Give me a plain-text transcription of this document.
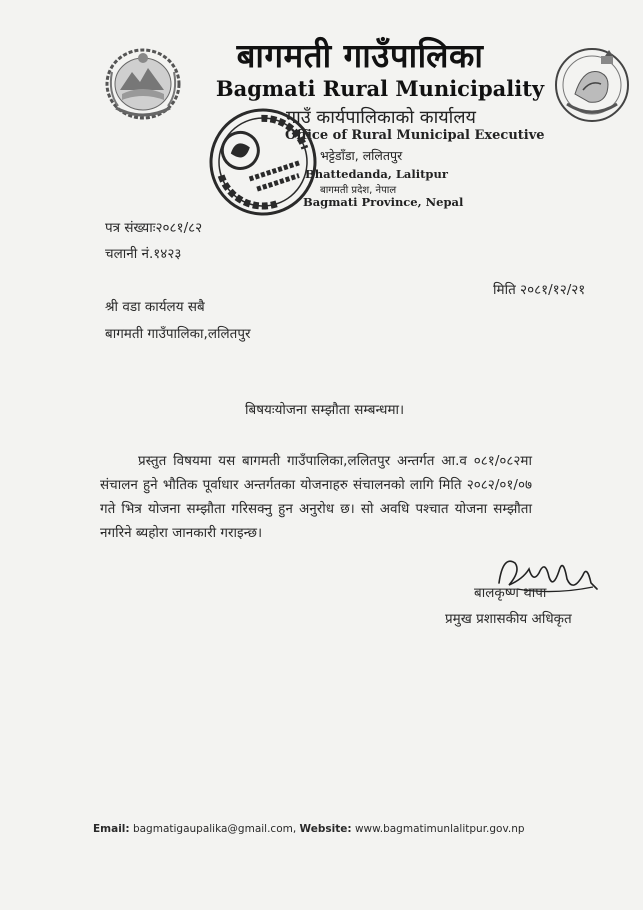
बागमती गाउँपालिका
Bagmati Rural Municipality
गाउँ कार्यपालिकाको कार्यालय
Office of Rural Municipal Executive
भट्टेडाँडा, ललितपुर
Bhattedanda, Lalitpur
बागमती प्रदेश, नेपाल
Bagmati Province, Nepal
पत्र संख्याः२०८१/८२
चलानी नं.१४२३
मिति २०८१/१२/२१
श्री वडा कार्यलय सबै
बागमती गाउँपालिका,ललितपुर
बिषयःयोजना सम्झौता सम्बन्धमा।

प्रस्तुत विषयमा यस बागमती गाउँपालिका,ललितपुर अन्तर्गत आ.व ०८१/०८२मा संचालन हुने भौतिक पूर्वाधार अन्तर्गतका योजनाहरु संचालनको लागि मिति २०८२/०१/०७ गते भित्र योजना सम्झौता गरिसक्नु हुन अनुरोध छ। सो अवधि पश्चात योजना सम्झौता नगरिने ब्यहोरा जानकारी गराइन्छ।

बालकृष्ण थापा
प्रमुख प्रशासकीय अधिकृत
Email: bagmatigaupalika@gmail.com, Website: www.bagmatimunlalitpur.gov.np
